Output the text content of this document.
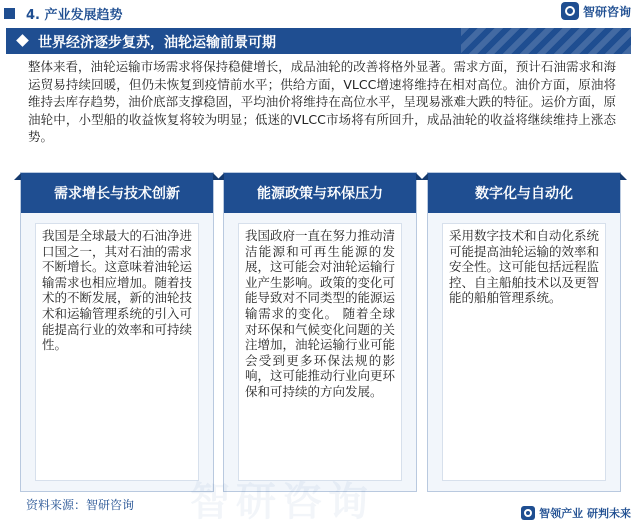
4. 产业发展趋势	智研咨询
世界经济逐步复苏，油轮运输前景可期
整体来看，油轮运输市场需求将保持稳健增长，成品油轮的改善将格外显著。需求方面，预计石油需求和海运贸易持续回暖，但仍未恢复到疫情前水平；供给方面，VLCC增速将维持在相对高位。油价方面，原油将维持去库存趋势，油价底部支撑稳固，平均油价将维持在高位水平，呈现易涨难大跌的特征。运价方面，原油轮中，小型船的收益恢复将较为明显；低迷的VLCC市场将有所回升，成品油轮的收益将继续维持上涨态势。
需求增长与技术创新
我国是全球最大的石油净进口国之一，其对石油的需求不断增长。这意味着油轮运输需求也相应增加。随着技术的不断发展，新的油轮技术和运输管理系统的引入可能提高行业的效率和可持续性。
能源政策与环保压力
我国政府一直在努力推动清洁能源和可再生能源的发展，这可能会对油轮运输行业产生影响。政策的变化可能导致对不同类型的能源运输需求的变化。 随着全球对环保和气候变化问题的关注增加，油轮运输行业可能会受到更多环保法规的影响，这可能推动行业向更环保和可持续的方向发展。
数字化与自动化
采用数字技术和自动化系统可能提高油轮运输的效率和安全性。这可能包括远程监控、自主船舶技术以及更智能的船舶管理系统。
智研咨询
资料来源：智研咨询
智领产业 研判未来
